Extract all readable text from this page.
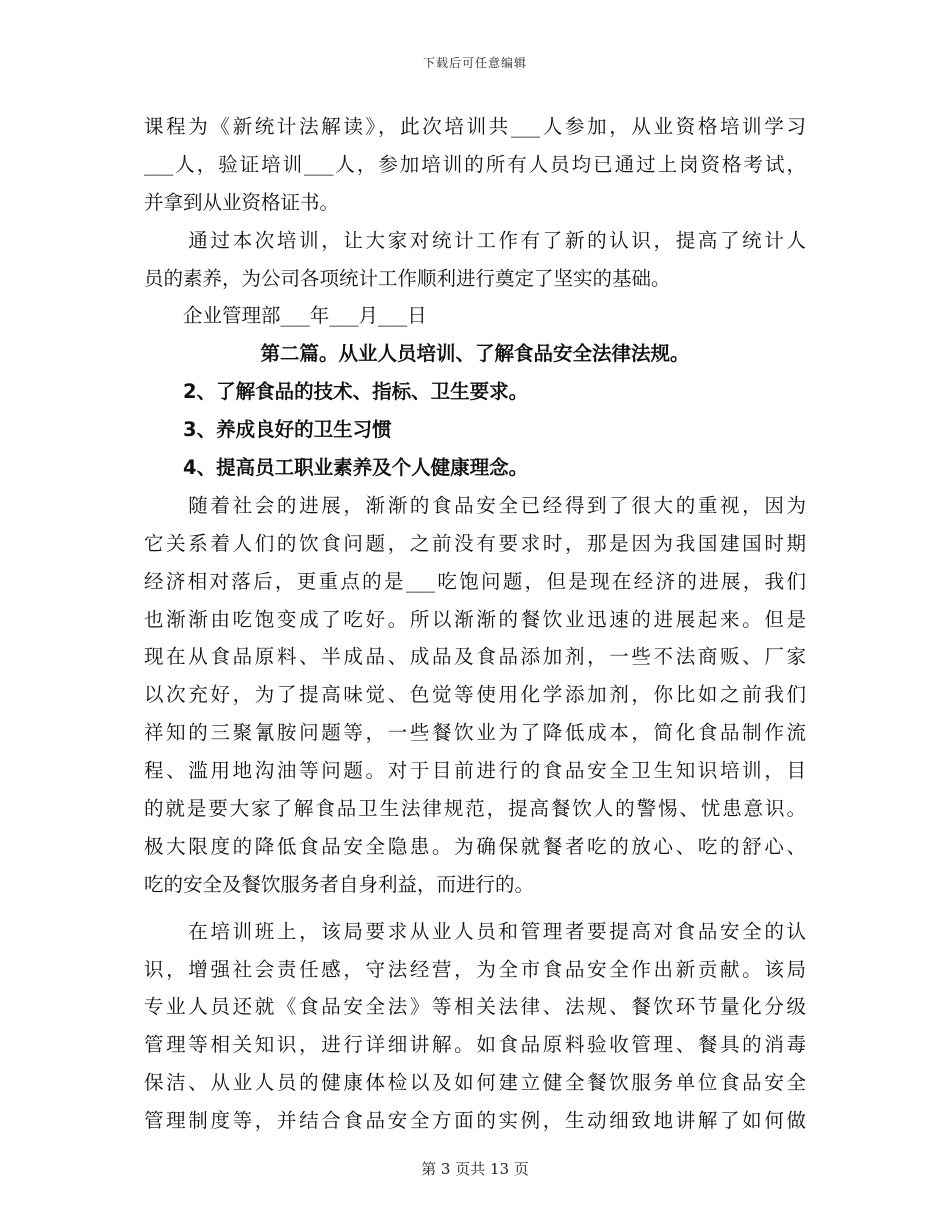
下载后可任意编辑
课程为《新统计法解读》，此次培训共___人参加，从业资格培训学习
___人，验证培训___人，参加培训的所有人员均已通过上岗资格考试，
并拿到从业资格证书。
　　通过本次培训，让大家对统计工作有了新的认识，提高了统计人
员的素养，为公司各项统计工作顺利进行奠定了坚实的基础。
　　企业管理部___年___月___日
第二篇。从业人员培训、了解食品安全法律法规。
　　2、了解食品的技术、指标、卫生要求。
　　3、养成良好的卫生习惯
　　4、提高员工职业素养及个人健康理念。
　　随着社会的进展，渐渐的食品安全已经得到了很大的重视，因为
它关系着人们的饮食问题，之前没有要求时，那是因为我国建国时期
经济相对落后，更重点的是___吃饱问题，但是现在经济的进展，我们
也渐渐由吃饱变成了吃好。所以渐渐的餐饮业迅速的进展起来。但是
现在从食品原料、半成品、成品及食品添加剂，一些不法商贩、厂家
以次充好，为了提高味觉、色觉等使用化学添加剂，你比如之前我们
祥知的三聚氰胺问题等，一些餐饮业为了降低成本，简化食品制作流
程、滥用地沟油等问题。对于目前进行的食品安全卫生知识培训，目
的就是要大家了解食品卫生法律规范，提高餐饮人的警惕、忧患意识。
极大限度的降低食品安全隐患。为确保就餐者吃的放心、吃的舒心、
吃的安全及餐饮服务者自身利益，而进行的。
　　在培训班上，该局要求从业人员和管理者要提高对食品安全的认
识，增强社会责任感，守法经营，为全市食品安全作出新贡献。该局
专业人员还就《食品安全法》等相关法律、法规、餐饮环节量化分级
管理等相关知识，进行详细讲解。如食品原料验收管理、餐具的消毒
保洁、从业人员的健康体检以及如何建立健全餐饮服务单位食品安全
管理制度等，并结合食品安全方面的实例，生动细致地讲解了如何做
第 3 页共 13 页
